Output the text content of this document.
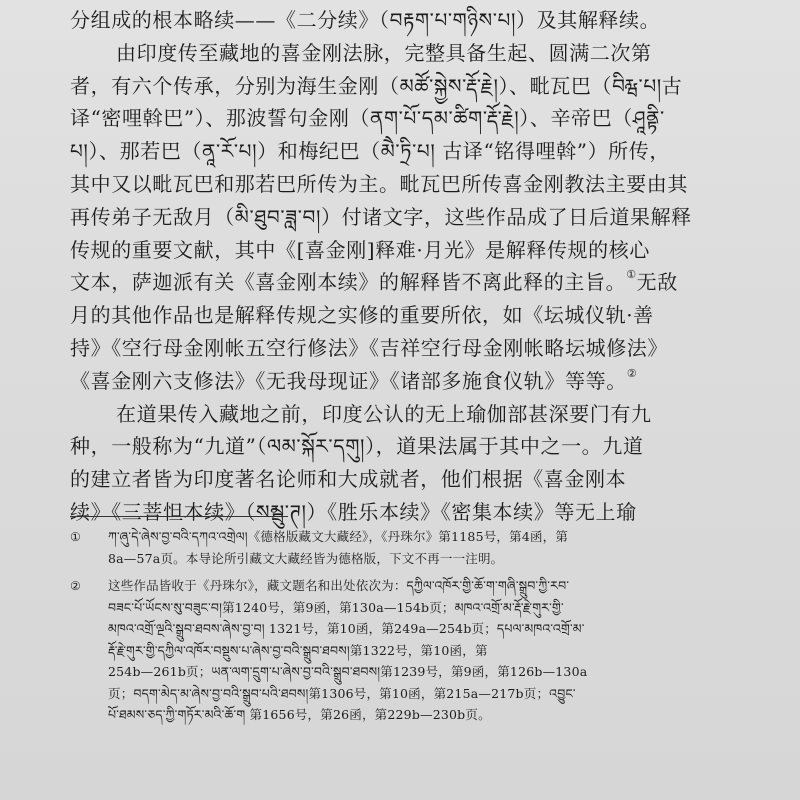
分组成的根本略续——《二分续》（བརྟག་པ་གཉིས་པ།）及其解释续。
由印度传至藏地的喜金刚法脉，完整具备生起、圆满二次第
者，有六个传承，分别为海生金刚（མཚོ་སྐྱེས་རྡོ་རྗེ།）、毗瓦巴（བིརྺ་པ།古
译“密哩斡巴”）、那波誓句金刚（ནག་པོ་དམ་ཚིག་རྡོ་རྗེ།）、辛帝巴（ཤཱནྟི་
པ།）、那若巴（ནཱ་རོ་པ།）和梅纪巴（མཻ་ཏྲི་པ། 古译“铭得哩斡”）所传，
其中又以毗瓦巴和那若巴所传为主。毗瓦巴所传喜金刚教法主要由其
再传弟子无敌月（མི་ཐུབ་ཟླ་བ།）付诸文字，这些作品成了日后道果解释
传规的重要文献，其中《[喜金刚]释难·月光》是解释传规的核心
文本，萨迦派有关《喜金刚本续》的解释皆不离此释的主旨。①无敌
月的其他作品也是解释传规之实修的重要所依，如《坛城仪轨·善
持》《空行母金刚帐五空行修法》《吉祥空行母金刚帐略坛城修法》
《喜金刚六支修法》《无我母现证》《诸部多施食仪轨》等等。②
在道果传入藏地之前，印度公认的无上瑜伽部甚深要门有九
种，一般称为“九道”（ལམ་སྐོར་དགུ།），道果法属于其中之一。九道
的建立者皆为印度著名论师和大成就者，他们根据《喜金刚本
续》《三菩怛本续》（སམྦུ་ཊ།）《胜乐本续》《密集本续》等无上瑜
① ཀ་ཞུ་དེ་ཞེས་བྱ་བའི་དཀའ་འགྲེལ།《德格版藏文大藏经》，《丹珠尔》第1185号，第4函，第
8a—57a页。本导论所引藏文大藏经皆为德格版，下文不再一一注明。
② 这些作品皆收于《丹珠尔》，藏文题名和出处依次为：དཀྱིལ་འཁོར་གྱི་ཆོ་ག་གཞི་སྒྲུབ་ཀྱི་རབ་
བཟང་པོ་ཡོངས་སུ་བཟུང་བ།第1240号，第9函，第130a—154b页；མཁའ་འགྲོ་མ་རྡོ་རྗེ་གུར་གྱི་
མཁའ་འགྲོ་ལྔའི་སྒྲུབ་ཐབས་ཞེས་བྱ་བ། 1321号，第10函，第249a—254b页；དཔལ་མཁའ་འགྲོ་མ་
རྡོ་རྗེ་གུར་གྱི་དཀྱིལ་འཁོར་བསྡུས་པ་ཞེས་བྱ་བའི་སྒྲུབ་ཐབས།第1322号，第10函，第
254b—261b页；ཡན་ལག་དྲུག་པ་ཞེས་བྱ་བའི་སྒྲུབ་ཐབས།第1239号，第9函，第126b—130a
页；བདག་མེད་མ་ཞེས་བྱ་བའི་སྒྲུབ་པའི་ཐབས།第1306号，第10函，第215a—217b页；འབྱུང་
པོ་ཐམས་ཅད་ཀྱི་གཏོར་མའི་ཆོ་ག 第1656号，第26函，第229b—230b页。
